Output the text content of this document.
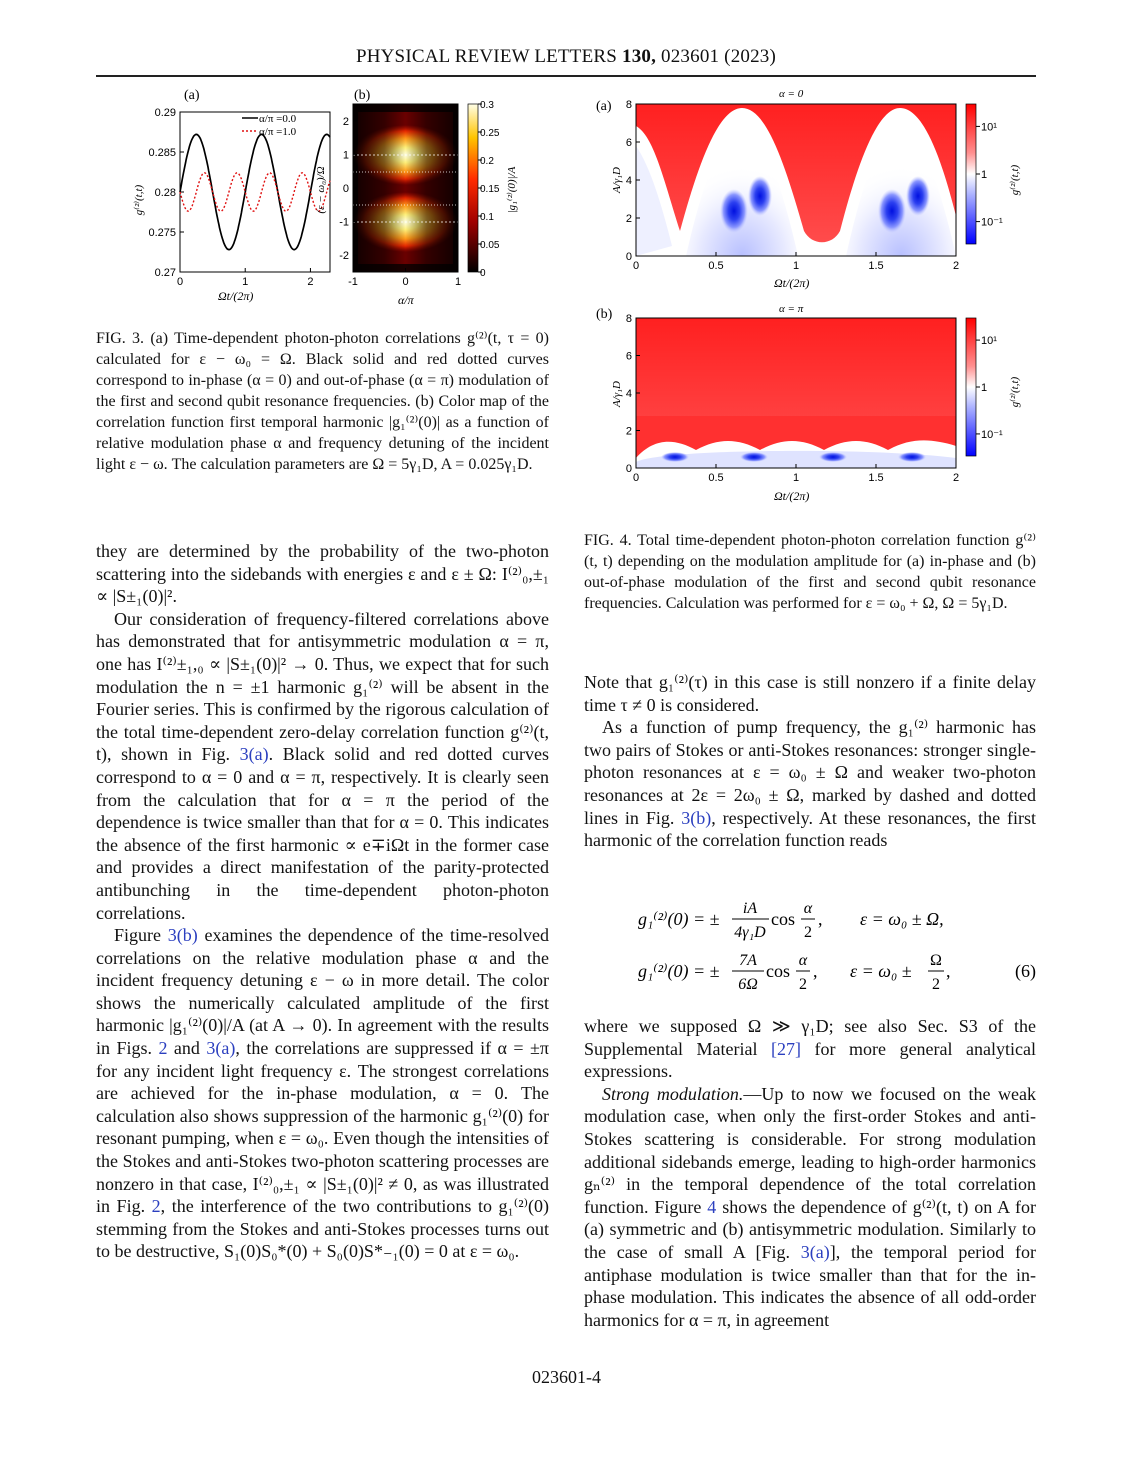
PHYSICAL REVIEW LETTERS 130, 023601 (2023)
(a)
0.27
0.275
0.28
0.285
0.29
0	1	2
α/π =0.0
α/π =1.0
Ωt/(2π)
g⁽²⁾(t,t)
(b)
-2
-1
0
1
2
-1	0	1
α/π
(ε − ω₀)/Ω
0
0.05
0.1
0.15
0.2
0.25
0.3
|g₁⁽²⁾(0)|/A
FIG. 3. (a) Time-dependent photon-photon correlations g⁽²⁾(t, τ = 0) calculated for ε − ω₀ = Ω. Black solid and red dotted curves correspond to in-phase (α = 0) and out-of-phase (α = π) modulation of the first and second qubit resonance frequencies. (b) Color map of the correlation function first temporal harmonic |g₁⁽²⁾(0)| as a function of relative modulation phase α and frequency detuning of the incident light ε − ω. The calculation parameters are Ω = 5γ₁D, A = 0.025γ₁D.
(a)
α = 0
0
2
4
6
8
0	0.5	1	1.5	2
Ωt/(2π)
A/γ₁D
10⁻¹
1
10¹
g⁽²⁾(t,t)
(b)	α = π
0
2
4
6
8
0	0.5	1	1.5	2
Ωt/(2π)
A/γ₁D
10⁻¹
1
10¹
g⁽²⁾(t,t)
FIG. 4. Total time-dependent photon-photon correlation function g⁽²⁾(t, t) depending on the modulation amplitude for (a) in-phase and (b) out-of-phase modulation of the first and second qubit resonance frequencies. Calculation was performed for ε = ω₀ + Ω, Ω = 5γ₁D.

they are determined by the probability of the two-photon scattering into the sidebands with energies ε and ε ± Ω: I⁽²⁾₀,±₁ ∝ |S±₁(0)|².

Our consideration of frequency-filtered correlations above has demonstrated that for antisymmetric modulation α = π, one has I⁽²⁾±₁,₀ ∝ |S±₁(0)|² → 0. Thus, we expect that for such modulation the n = ±1 harmonic g₁⁽²⁾ will be absent in the Fourier series. This is confirmed by the rigorous calculation of the total time-dependent zero-delay correlation function g⁽²⁾(t, t), shown in Fig. 3(a). Black solid and red dotted curves correspond to α = 0 and α = π, respectively. It is clearly seen from the calculation that for α = π the period of the dependence is twice smaller than that for α = 0. This indicates the absence of the first harmonic ∝ e∓iΩt in the former case and provides a direct manifestation of the parity-protected antibunching in the time-dependent photon-photon correlations.

Figure 3(b) examines the dependence of the time-resolved correlations on the relative modulation phase α and the incident frequency detuning ε − ω in more detail. The color shows the numerically calculated amplitude of the first harmonic |g₁⁽²⁾(0)|/A (at A → 0). In agreement with the results in Figs. 2 and 3(a), the correlations are suppressed if α = ±π for any incident light frequency ε. The strongest correlations are achieved for the in-phase modulation, α = 0. The calculation also shows suppression of the harmonic g₁⁽²⁾(0) for resonant pumping, when ε = ω₀. Even though the intensities of the Stokes and anti-Stokes two-photon scattering processes are nonzero in that case, I⁽²⁾₀,±₁ ∝ |S±₁(0)|² ≠ 0, as was illustrated in Fig. 2, the interference of the two contributions to g₁⁽²⁾(0) stemming from the Stokes and anti-Stokes processes turns out to be destructive, S₁(0)S₀*(0) + S₀(0)S*₋₁(0) = 0 at ε = ω₀.

Note that g₁⁽²⁾(τ) in this case is still nonzero if a finite delay time τ ≠ 0 is considered.

As a function of pump frequency, the g₁⁽²⁾ harmonic has two pairs of Stokes or anti-Stokes resonances: stronger single-photon resonances at ε = ω₀ ± Ω and weaker two-photon resonances at 2ε = 2ω₀ ± Ω, marked by dashed and dotted lines in Fig. 3(b), respectively. At these resonances, the first harmonic of the correlation function reads

g₁⁽²⁾(0) = ±
iA
4γ₁D
cos
α
2
, ε = ω₀ ± Ω,
g₁⁽²⁾(0) = ±
7A
6Ω
cos
α
2
, ε = ω₀ ±
Ω
2
,	(6)

where we supposed Ω ≫ γ₁D; see also Sec. S3 of the Supplemental Material [27] for more general analytical expressions.

Strong modulation.—Up to now we focused on the weak modulation case, when only the first-order Stokes and anti-Stokes scattering is considerable. For strong modulation additional sidebands emerge, leading to high-order harmonics gₙ⁽²⁾ in the temporal dependence of the total correlation function. Figure 4 shows the dependence of g⁽²⁾(t, t) on A for (a) symmetric and (b) antisymmetric modulation. Similarly to the case of small A [Fig. 3(a)], the temporal period for antiphase modulation is twice smaller than that for the in-phase modulation. This indicates the absence of all odd-order harmonics for α = π, in agreement

023601-4
